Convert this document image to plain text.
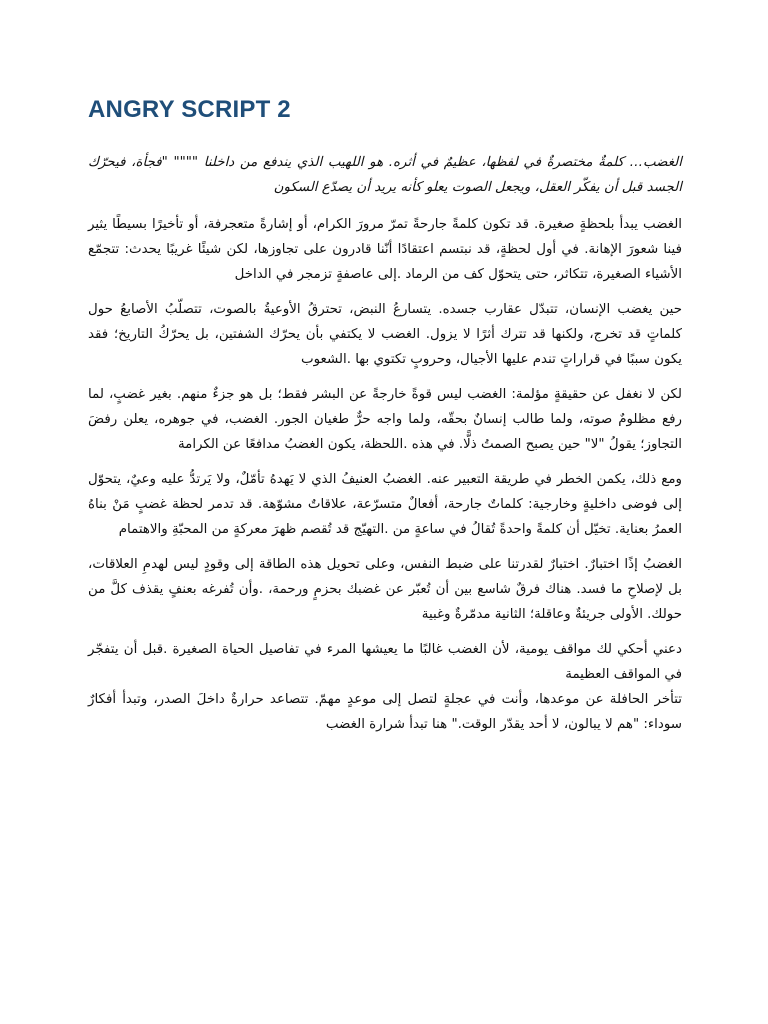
ANGRY SCRIPT 2

الغضب… كلمةٌ مختصرةٌ في لفظها، عظيمٌ في أثره. هو اللهيب الذي يندفع من داخلنا """" "فجأة، فيحرّك الجسد قبل أن يفكّر العقل، ويجعل الصوت يعلو كأنه يريد أن يصدّع السكون

الغضب يبدأ بلحظةٍ صغيرة. قد تكون كلمةً جارحةً تمرّ مرورَ الكرام، أو إشارةً متعجرفة، أو تأخيرًا بسيطًا يثير فينا شعورَ الإهانة. في أول لحظةٍ، قد نبتسم اعتقادًا أنّنا قادرون على تجاوزها، لكن شيئًا غريبًا يحدث: تتجمّع الأشياء الصغيرة، تتكاثر، حتى يتحوّل كف من الرماد .إلى عاصفةٍ تزمجر في الداخل

حين يغضب الإنسان، تتبدّل عقارب جسده. يتسارعُ النبض، تحترقُ الأوعيةُ بالصوت، تتصلّبُ الأصابعُ حول كلماتٍ قد تخرج، ولكنها قد تترك أثرًا لا يزول. الغضب لا يكتفي بأن يحرّك الشفتين، بل يحرّكُ التاريخ؛ فقد يكون سببًا في قراراتٍ تندم عليها الأجيال، وحروبٍ تكتوي بها .الشعوب

لكن لا نغفل عن حقيقةٍ مؤلمة: الغضب ليس قوةً خارجةً عن البشر فقط؛ بل هو جزءٌ منهم. بغير غضبٍ، لما رفع مظلومٌ صوته، ولما طالب إنسانٌ بحقّه، ولما واجه حرٌّ طغيان الجور. الغضب، في جوهره، يعلن رفضَ التجاوز؛ يقولُ "لا" حين يصبح الصمتُ ذلًّا. في هذه .اللحظة، يكون الغضبُ مدافعًا عن الكرامة

ومع ذلك، يكمن الخطر في طريقة التعبير عنه. الغضبُ العنيفُ الذي لا يَهدهُ تأمّلٌ، ولا يَرتدُّ عليه وعيٌ، يتحوّل إلى فوضى داخليةٍ وخارجية: كلماتٌ جارحة، أفعالٌ متسرّعة، علاقاتٌ مشوّهة. قد تدمر لحظة غضبٍ مَنْ بناهُ العمرُ بعناية. تخيّل أن كلمةً واحدةً تُقالُ في ساعةٍ من .التهيّج قد تُقصم ظهرَ معركةٍ من المحبّةِ والاهتمام

الغضبُ إذًا اختبارٌ. اختبارٌ لقدرتنا على ضبط النفس، وعلى تحويل هذه الطاقة إلى وقودٍ ليس لهدمِ العلاقات، بل لإصلاحِ ما فسد. هناك فرقٌ شاسع بين أن تُعبّر عن غضبك بحزمٍ ورحمة، .وأن تُفرغه بعنفٍ يقذف كلَّ من حولك. الأولى جريئةٌ وعاقلة؛ الثانية مدمّرةٌ وغبية

دعني أحكي لك مواقف يومية، لأن الغضب غالبًا ما يعيشها المرء في تفاصيل الحياة الصغيرة .قبل أن يتفجّر في المواقف العظيمة

تتأخر الحافلة عن موعدها، وأنت في عجلةٍ لتصل إلى موعدٍ مهمّ. تتصاعد حرارةٌ داخلَ الصدر، وتبدأ أفكارٌ سوداء: "هم لا يبالون، لا أحد يقدّر الوقت." هنا تبدأ شرارة الغضب
